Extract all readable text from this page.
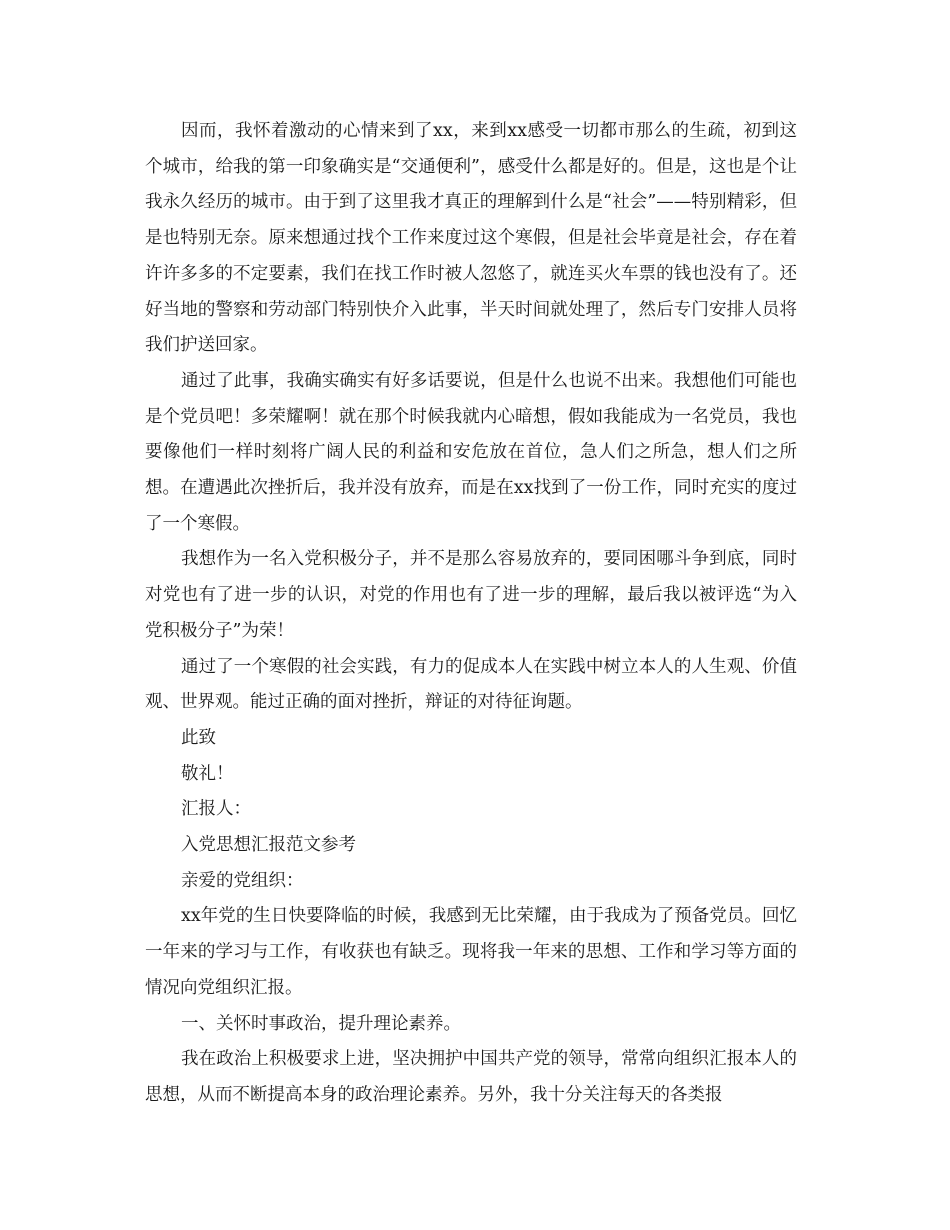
因而，我怀着激动的心情来到了xx，来到xx感受一切都市那么的生疏，初到这个城市，给我的第一印象确实是“交通便利”，感受什么都是好的。但是，这也是个让我永久经历的城市。由于到了这里我才真正的理解到什么是“社会”——特别精彩，但是也特别无奈。原来想通过找个工作来度过这个寒假，但是社会毕竟是社会，存在着许许多多的不定要素，我们在找工作时被人忽悠了，就连买火车票的钱也没有了。还好当地的警察和劳动部门特别快介入此事，半天时间就处理了，然后专门安排人员将我们护送回家。

通过了此事，我确实确实有好多话要说，但是什么也说不出来。我想他们可能也是个党员吧！多荣耀啊！就在那个时候我就内心暗想，假如我能成为一名党员，我也要像他们一样时刻将广阔人民的利益和安危放在首位，急人们之所急，想人们之所想。在遭遇此次挫折后，我并没有放弃，而是在xx找到了一份工作，同时充实的度过了一个寒假。

我想作为一名入党积极分子，并不是那么容易放弃的，要同困哪斗争到底，同时对党也有了进一步的认识，对党的作用也有了进一步的理解，最后我以被评选“为入党积极分子”为荣！

通过了一个寒假的社会实践，有力的促成本人在实践中树立本人的人生观、价值观、世界观。能过正确的面对挫折，辩证的对待征询题。

此致

敬礼！

汇报人：

入党思想汇报范文参考

亲爱的党组织：

xx年党的生日快要降临的时候，我感到无比荣耀，由于我成为了预备党员。回忆一年来的学习与工作，有收获也有缺乏。现将我一年来的思想、工作和学习等方面的情况向党组织汇报。

一、关怀时事政治，提升理论素养。

我在政治上积极要求上进，坚决拥护中国共产党的领导，常常向组织汇报本人的思想，从而不断提高本身的政治理论素养。另外，我十分关注每天的各类报
